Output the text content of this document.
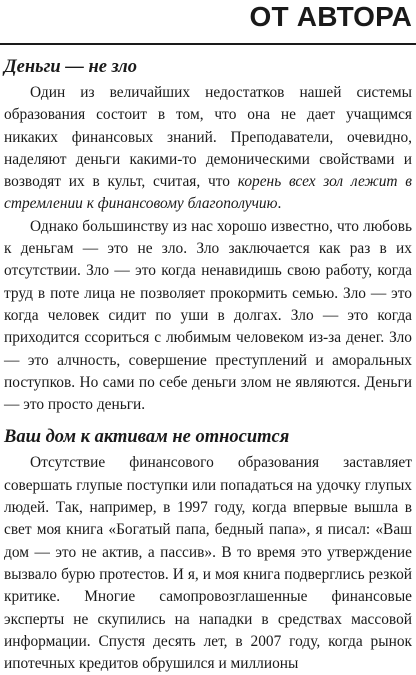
ОТ АВТОРА
Деньги — не зло

Один из величайших недостатков нашей системы образования состоит в том, что она не дает учащимся никаких финансовых знаний. Преподаватели, очевидно, наделяют деньги какими-то демоническими свойствами и возводят их в культ, считая, что корень всех зол лежит в стремлении к финансовому благополучию.

Однако большинству из нас хорошо известно, что любовь к деньгам — это не зло. Зло заключается как раз в их отсутствии. Зло — это когда ненавидишь свою работу, когда труд в поте лица не позволяет прокормить семью. Зло — это когда человек сидит по уши в долгах. Зло — это когда приходится ссориться с любимым человеком из-за денег. Зло — это алчность, совершение преступлений и аморальных поступков. Но сами по себе деньги злом не являются. Деньги — это просто деньги.

Ваш дом к активам не относится

Отсутствие финансового образования заставляет совершать глупые поступки или попадаться на удочку глупых людей. Так, например, в 1997 году, когда впервые вышла в свет моя книга «Богатый папа, бедный папа», я писал: «Ваш дом — это не актив, а пассив». В то время это утверждение вызвало бурю протестов. И я, и моя книга подверглись резкой критике. Многие самопровозглашенные финансовые эксперты не скупились на нападки в средствах массовой информации. Спустя десять лет, в 2007 году, когда рынок ипотечных кредитов обрушился и миллионы
